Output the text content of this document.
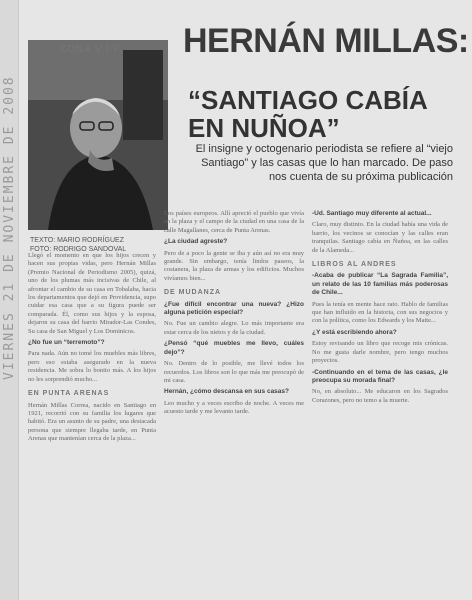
VIERNES 21 DE NOVIEMBRE DE 2008
ZONA V.I.P.
TEXTO: MARIO RODRÍGUEZ
FOTO: RODRIGO SANDOVAL
HERNÁN MILLAS:
“SANTIAGO CABÍA EN NUÑOA”
El insigne y octogenario periodista se refiere al “viejo Santiago” y las casas que lo han marcado. De paso nos cuenta de su próxima publicación

Llegó el momento en que los hijos crecen y hacen sus propias vidas, pero Hernán Millas (Premio Nacional de Periodismo 2005), quizá, uno de los plumas más incisivas de Chile, al afrontar el cambio de su casa en Tobalaba, hacia los departamentos que dejó en Providencia, supo cuidar esa casa que a su figura puede ser comparada. Él, como sus hijos y la esposa, dejaron su casa del barrio Mirador-Las Condes, Su casa de San Miguel y Los Dominicos.

¿No fue un “terremoto”?

Para nada. Aún no tomé los muebles más libres, pero eso estaba asegurado en la nueva residencia. Me sobra lo bonito más. A los hijos no les sorprendió mucho...

EN PUNTA ARENAS

Hernán Millas Correa, nacido en Santiago en 1921, recorrió con su familia los lugares que habitó. Era un asunto de su padre, una destacada persona que siempre llegaba tarde, en Punta Arenas que mantenían cerca de la plaza...

Los países europeos. Allí apreció el pueblo que vivía en la plaza y el campo de la ciudad en una casa de la calle Magallanes, cerca de Punta Arenas.

¿La ciudad agreste?

Pero de a poco la gente se iba y aún así no era muy grande. Sin embargo, tenía lindos paseos, la costanera, la plaza de armas y los edificios. Muchos vivíamos bien...

DE MUDANZA

¿Fue difícil encontrar una nueva? ¿Hizo alguna petición especial?

No. Fue un cambio alegre. Lo más importante era estar cerca de los nietos y de la ciudad.

¿Pensó “qué muebles me llevo, cuáles dejo”?

No. Dentro de lo posible, me llevé todos los recuerdos. Los libros son lo que más me preocupó de mi casa.

Hernán, ¿cómo descansa en sus casas?

Leo mucho y a veces escribo de noche. A veces me acuesto tarde y me levanto tarde.

-Ud. Santiago muy diferente al actual...

Claro, muy distinto. En la ciudad había una vida de barrio, los vecinos se conocían y las calles eran tranquilas. Santiago cabía en Ñuñoa, en las calles de la Alameda...

LIBROS AL ANDRES

-Acaba de publicar “La Sagrada Familia”, un relato de las 10 familias más poderosas de Chile...

Pues la tenía en mente hace rato. Hablo de familias que han influido en la historia, con sus negocios y con la política, como los Edwards y los Matte...

¿Y está escribiendo ahora?

Estoy revisando un libro que recoge mis crónicas. No me gusta darle nombre, pero tengo muchos proyectos.

-Continuando en el tema de las casas, ¿le preocupa su morada final?

No, en absoluto... Me educaron en los Sagrados Corazones, pero no temo a la muerte.
